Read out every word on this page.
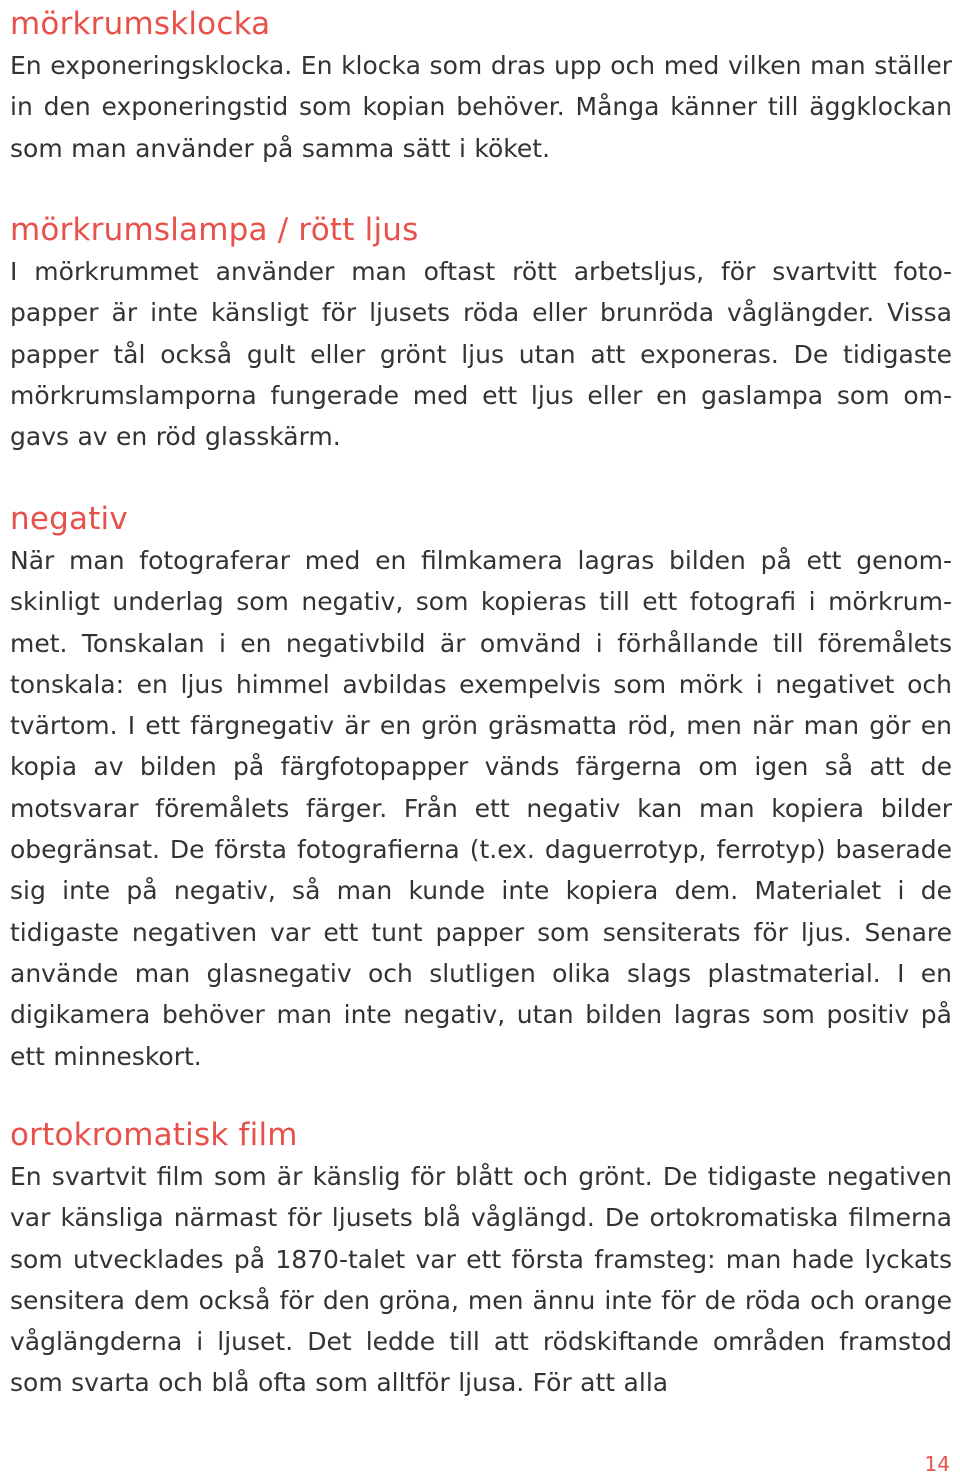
mörkrumsklocka

En exponeringsklocka. En klocka som dras upp och med vilken man ställer in den exponeringstid som kopian behöver. Många känner till äggklockan som man använder på samma sätt i köket.

mörkrumslampa / rött ljus

I mörkrummet använder man oftast rött arbetsljus, för svartvitt fotopapper är inte känsligt för ljusets röda eller brunröda våglängder. Vissa papper tål också gult eller grönt ljus utan att exponeras. De tidigaste mörkrumslamporna fungerade med ett ljus eller en gaslampa som omgavs av en röd glasskärm.

negativ

När man fotograferar med en filmkamera lagras bilden på ett genomskinligt underlag som negativ, som kopieras till ett fotografi i mörkrummet. Tonskalan i en negativbild är omvänd i förhållande till föremålets tonskala: en ljus himmel avbildas exempelvis som mörk i negativet och tvärtom. I ett färgnegativ är en grön gräsmatta röd, men när man gör en kopia av bilden på färgfotopapper vänds färgerna om igen så att de motsvarar föremålets färger. Från ett negativ kan man kopiera bilder obegränsat. De första fotografierna (t.ex. daguerrotyp, ferrotyp) baserade sig inte på negativ, så man kunde inte kopiera dem. Materialet i de tidigaste negativen var ett tunt papper som sensiterats för ljus. Senare använde man glasnegativ och slutligen olika slags plastmaterial. I en digikamera behöver man inte negativ, utan bilden lagras som positiv på ett minneskort.

ortokromatisk film

En svartvit film som är känslig för blått och grönt. De tidigaste negativen var känsliga närmast för ljusets blå våglängd. De ortokromatiska filmerna som utvecklades på 1870-talet var ett första framsteg: man hade lyckats sensitera dem också för den gröna, men ännu inte för de röda och orange våglängderna i ljuset. Det ledde till att rödskiftande områden framstod som svarta och blå ofta som alltför ljusa. För att alla

14
